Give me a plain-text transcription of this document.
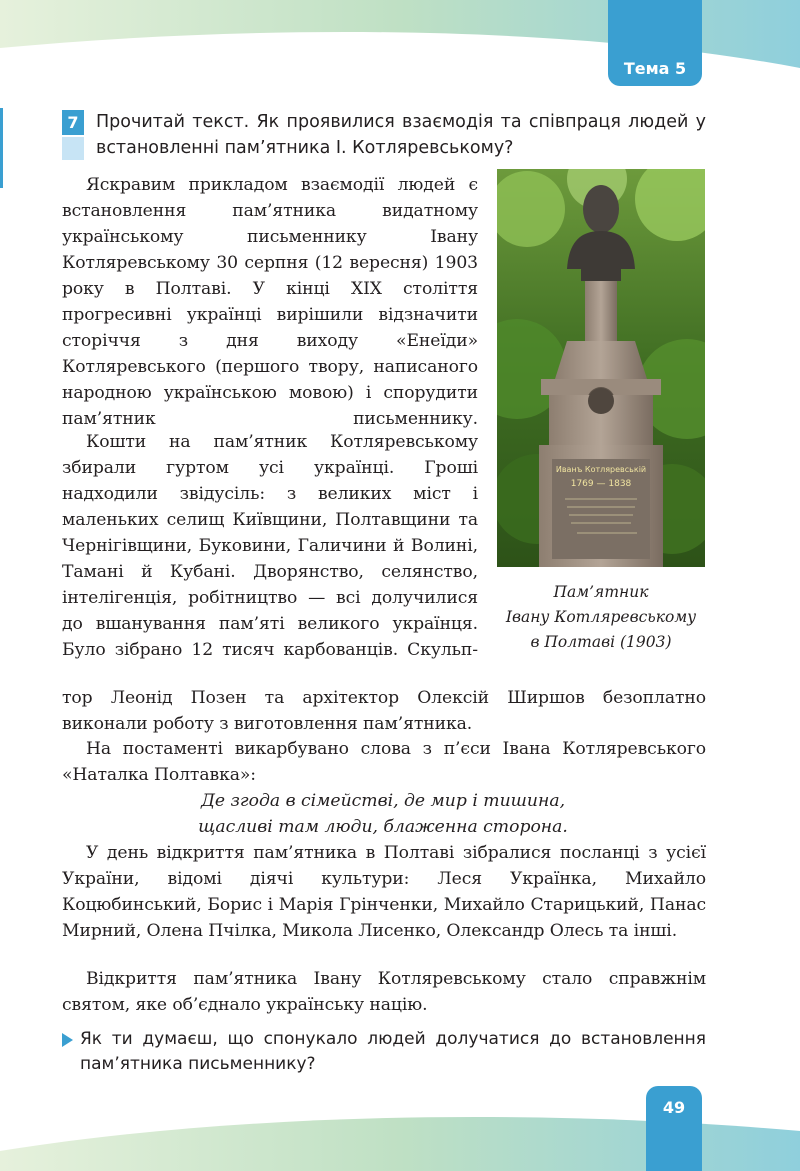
Тема 5
7 Прочитай текст. Як проявилися взаємодія та співпраця людей у встановленні пам’ятника І. Котляревському?
Иванъ Котляревській
1769 — 1838
Пам’ятник
Івану Котляревському
в Полтаві (1903)

Яскравим прикладом взаємодії людей є встановлення пам’ятника видатному українському письменнику Івану Котляревському 30 серпня (12 вересня) 1903 року в Полтаві. У кінці XIX століття прогресивні українці вирішили відзначити сторіччя з дня виходу «Енеїди» Котляревського (першого твору, написаного народною українською мовою) і спорудити пам’ятник письменнику.

Кошти на пам’ятник Котляревському збирали гуртом усі українці. Гроші надходили звідусіль: з великих міст і маленьких селищ Київщини, Полтавщини та Чернігівщини, Буковини, Галичини й Волині, Тамані й Кубані. Дворянство, селянство, інтелігенція, робітництво — всі долучилися до вшанування пам’яті великого українця. Було зібрано 12 тисяч карбованців. Скульп-

тор Леонід Позен та архітектор Олексій Ширшов безоплатно виконали роботу з виготовлення пам’ятника.

На постаменті викарбувано слова з п’єси Івана Котляревського «Наталка Полтавка»:

Де згода в сімействі, де мир і тишина,
щасливі там люди, блаженна сторона.

У день відкриття пам’ятника в Полтаві зібралися посланці з усієї України, відомі діячі культури: Леся Українка, Михайло Коцюбинський, Борис і Марія Грінченки, Михайло Старицький, Панас Мирний, Олена Пчілка, Микола Лисенко, Олександр Олесь та інші.

Відкриття пам’ятника Івану Котляревському стало справжнім святом, яке об’єднало українську націю.

Як ти думаєш, що спонукало людей долучатися до встановлення пам’ятника письменнику?
49
